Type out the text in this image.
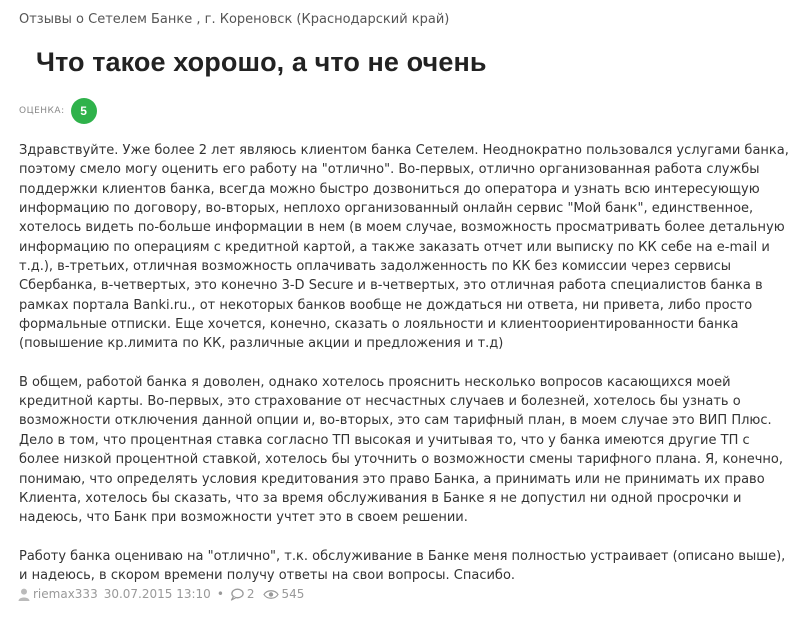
Отзывы о Сетелем Банке , г. Кореновск (Краснодарский край)
Что такое хорошо, а что не очень
ОЦЕНКА:	5

Здравствуйте. Уже более 2 лет являюсь клиентом банка Сетелем. Неоднократно пользовался услугами банка, поэтому смело могу оценить его работу на "отлично". Во-первых, отлично организованная работа службы поддержки клиентов банка, всегда можно быстро дозвониться до оператора и узнать всю интересующую информацию по договору, во-вторых, неплохо организованный онлайн сервис "Мой банк", единственное, хотелось видеть по-больше информации в нем (в моем случае, возможность просматривать более детальную информацию по операциям с кредитной картой, а также заказать отчет или выписку по КК себе на e-mail и т.д.), в-третьих, отличная возможность оплачивать задолженность по КК без комиссии через сервисы Сбербанка, в-четвертых, это конечно 3-D Secure и в-четвертых, это отличная работа специалистов банка в рамках портала Banki.ru., от некоторых банков вообще не дождаться ни ответа, ни привета, либо просто формальные отписки. Еще хочется, конечно, сказать о лояльности и клиентоориентированности банка (повышение кр.лимита по КК, различные акции и предложения и т.д)

В общем, работой банка я доволен, однако хотелось прояснить несколько вопросов касающихся моей кредитной карты. Во-первых, это страхование от несчастных случаев и болезней, хотелось бы узнать о возможности отключения данной опции и, во-вторых, это сам тарифный план, в моем случае это ВИП Плюс. Дело в том, что процентная ставка согласно ТП высокая и учитывая то, что у банка имеются другие ТП с более низкой процентной ставкой, хотелось бы уточнить о возможности смены тарифного плана. Я, конечно, понимаю, что определять условия кредитования это право Банка, а принимать или не принимать их право Клиента, хотелось бы сказать, что за время обслуживания в Банке я не допустил ни одной просрочки и надеюсь, что Банк при возможности учтет это в своем решении.

Работу банка оцениваю на "отлично", т.к. обслуживание в Банке меня полностью устраивает (описано выше), и надеюсь, в скором времени получу ответы на свои вопросы. Спасибо.

riemax333 30.07.2015 13:10 • 2 545
